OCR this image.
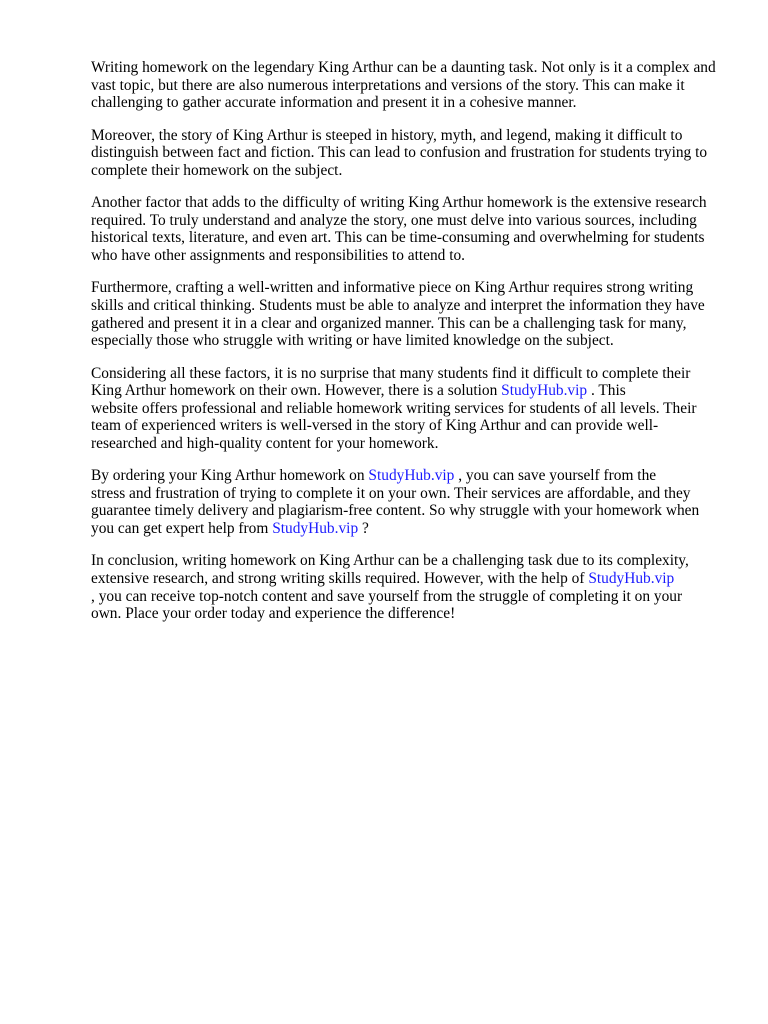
Writing homework on the legendary King Arthur can be a daunting task. Not only is it a complex and
vast topic, but there are also numerous interpretations and versions of the story. This can make it
challenging to gather accurate information and present it in a cohesive manner.

Moreover, the story of King Arthur is steeped in history, myth, and legend, making it difficult to
distinguish between fact and fiction. This can lead to confusion and frustration for students trying to
complete their homework on the subject.

Another factor that adds to the difficulty of writing King Arthur homework is the extensive research
required. To truly understand and analyze the story, one must delve into various sources, including
historical texts, literature, and even art. This can be time-consuming and overwhelming for students
who have other assignments and responsibilities to attend to.

Furthermore, crafting a well-written and informative piece on King Arthur requires strong writing
skills and critical thinking. Students must be able to analyze and interpret the information they have
gathered and present it in a clear and organized manner. This can be a challenging task for many,
especially those who struggle with writing or have limited knowledge on the subject.

Considering all these factors, it is no surprise that many students find it difficult to complete their
King Arthur homework on their own. However, there is a solution StudyHub.vip . This
website offers professional and reliable homework writing services for students of all levels. Their
team of experienced writers is well-versed in the story of King Arthur and can provide well-
researched and high-quality content for your homework.

By ordering your King Arthur homework on StudyHub.vip , you can save yourself from the
stress and frustration of trying to complete it on your own. Their services are affordable, and they
guarantee timely delivery and plagiarism-free content. So why struggle with your homework when
you can get expert help from StudyHub.vip ?

In conclusion, writing homework on King Arthur can be a challenging task due to its complexity,
extensive research, and strong writing skills required. However, with the help of StudyHub.vip
, you can receive top-notch content and save yourself from the struggle of completing it on your
own. Place your order today and experience the difference!
